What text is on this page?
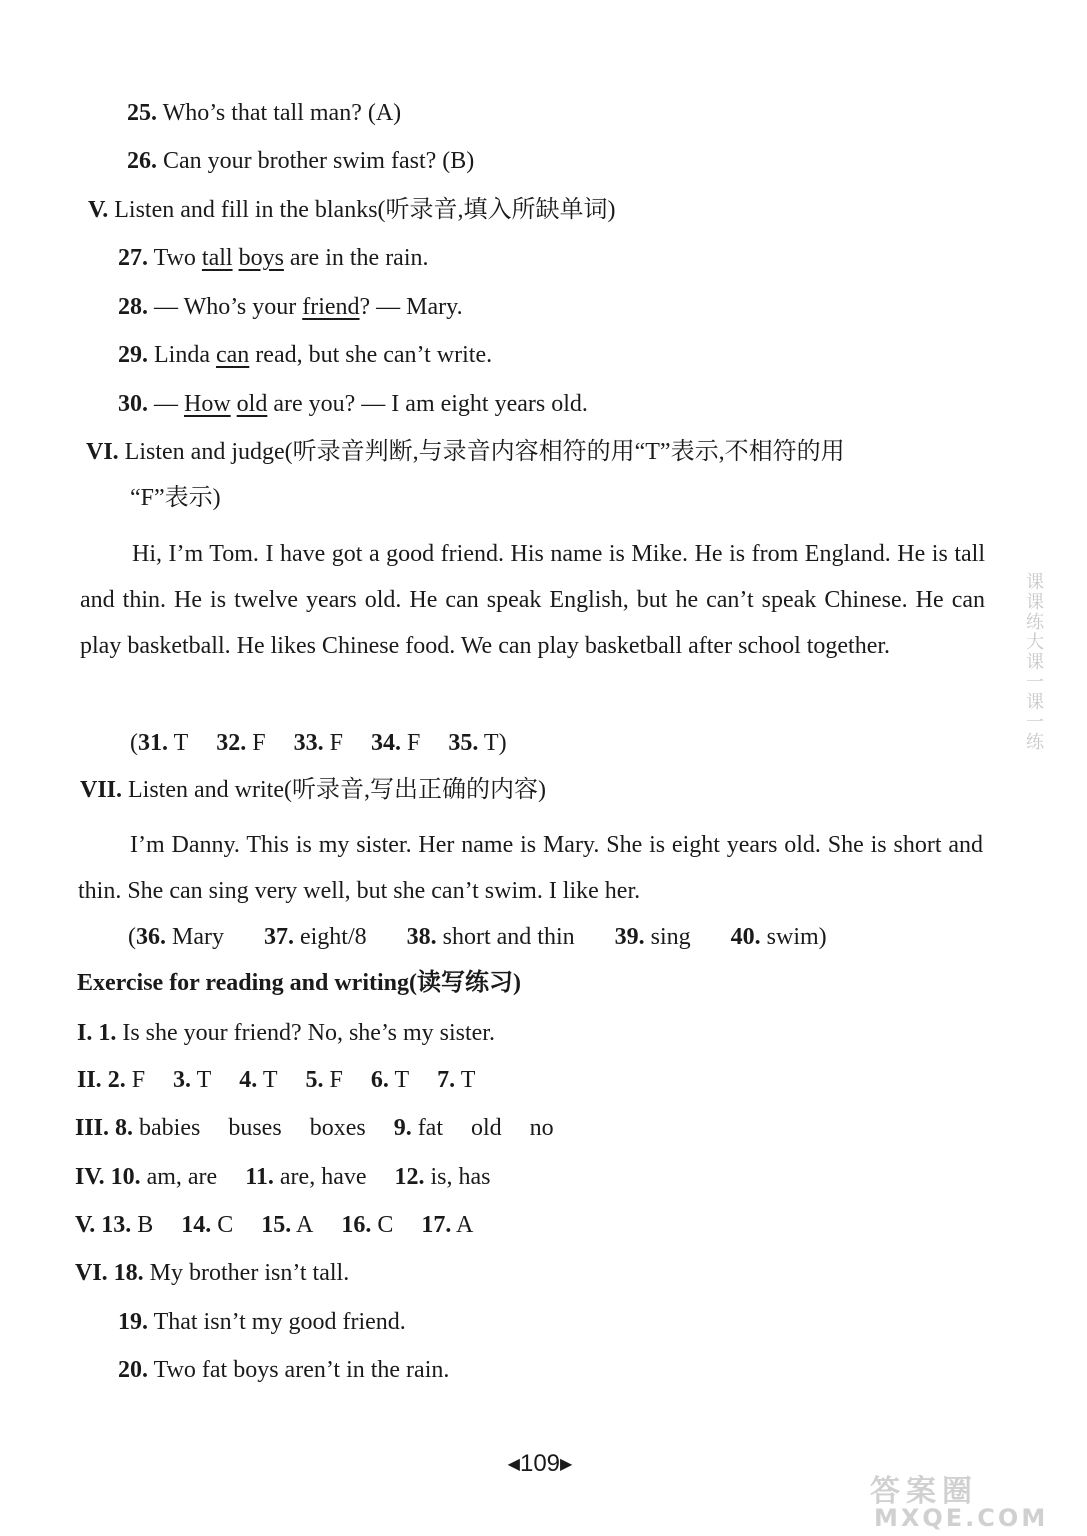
25. Who’s that tall man? (A)
26. Can your brother swim fast? (B)
V. Listen and fill in the blanks(听录音,填入所缺单词)
27. Two tall boys are in the rain.
28. — Who’s your friend? — Mary.
29. Linda can read, but she can’t write.
30. — How old are you? — I am eight years old.
VI. Listen and judge(听录音判断,与录音内容相符的用“T”表示,不相符的用
“F”表示)
Hi, I’m Tom. I have got a good friend. His name is Mike. He is from England. He is tall and thin. He is twelve years old. He can speak English, but he can’t speak Chinese. He can play basketball. He likes Chinese food. We can play basketball after school together.
(31. T 32. F 33. F 34. F 35. T)
VII. Listen and write(听录音,写出正确的内容)
I’m Danny. This is my sister. Her name is Mary. She is eight years old. She is short and thin. She can sing very well, but she can’t swim. I like her.
(36. Mary 37. eight/8 38. short and thin 39. sing 40. swim)
Exercise for reading and writing(读写练习)
I. 1. Is she your friend? No, she’s my sister.
II. 2. F 3. T 4. T 5. F 6. T 7. T
III. 8. babies buses boxes 9. fat old no
IV. 10. am, are 11. are, have 12. is, has
V. 13. B 14. C 15. A 16. C 17. A
VI. 18. My brother isn’t tall.
19. That isn’t my good friend.
20. Two fat boys aren’t in the rain.
课课练大课一课一练
◀109▶
答案圈
MXQE.COM
